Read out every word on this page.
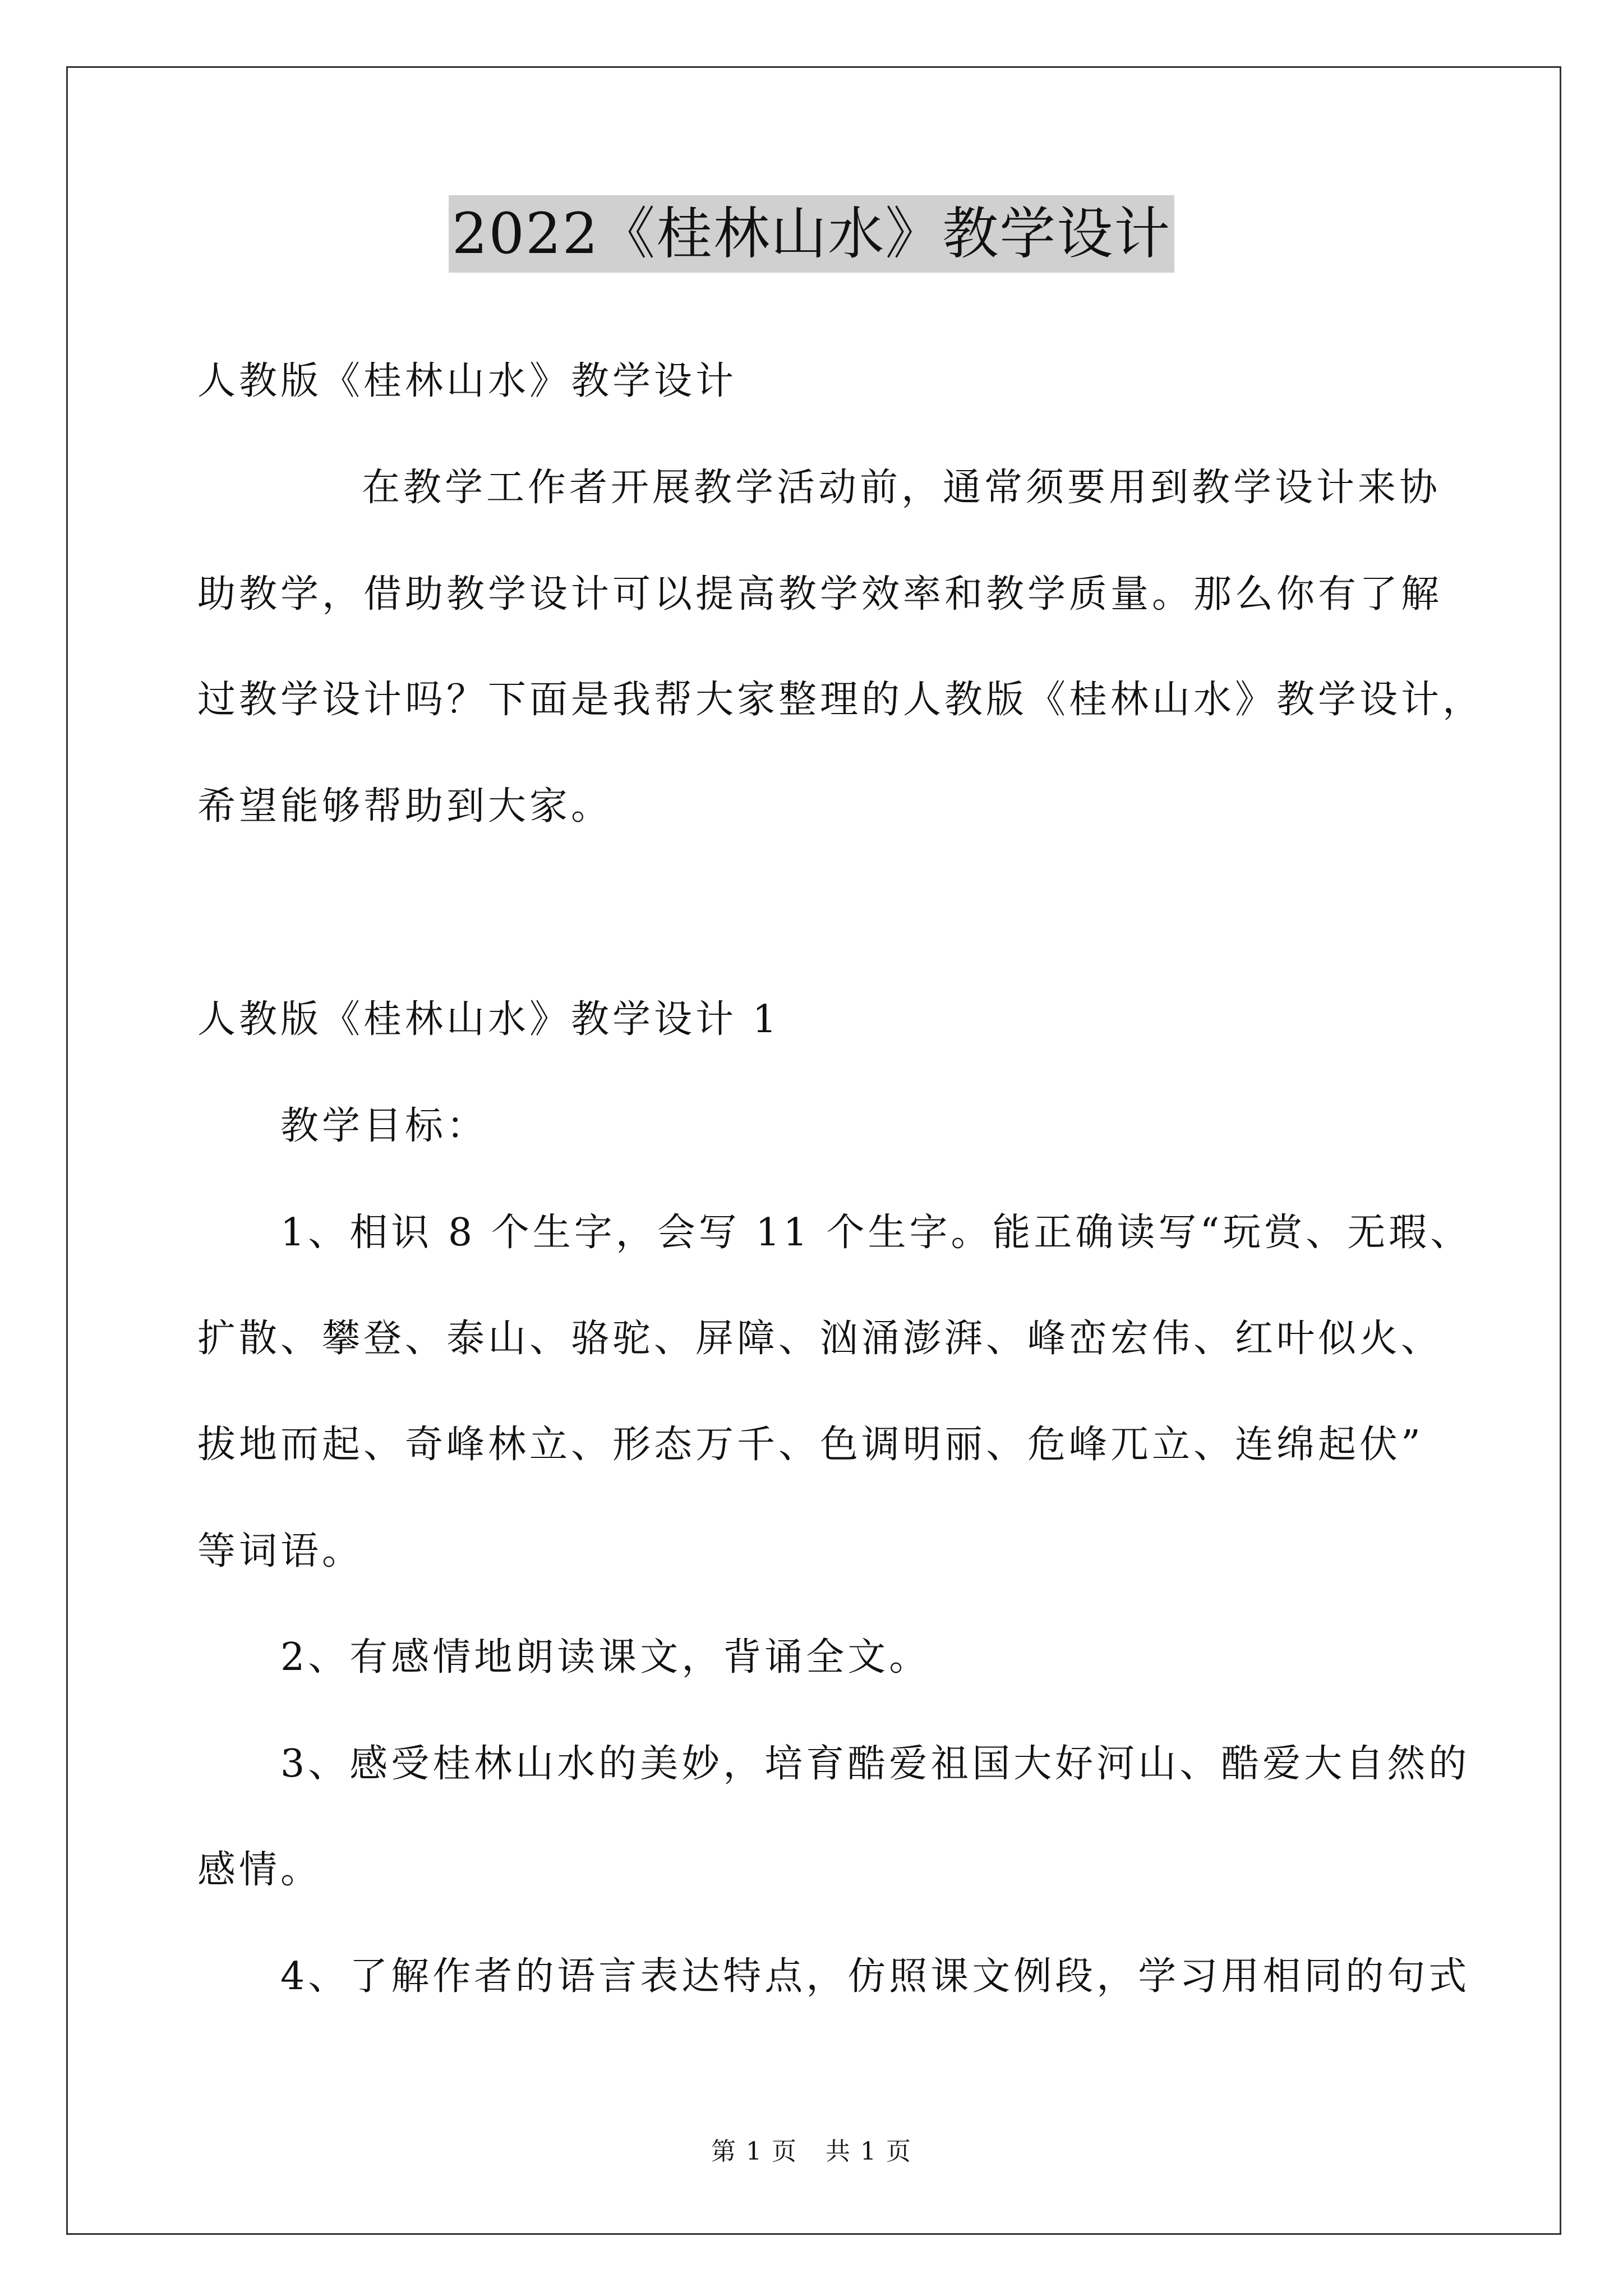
2022《桂林山水》教学设计
人教版《桂林山水》教学设计
在教学工作者开展教学活动前，通常须要用到教学设计来协
助教学，借助教学设计可以提高教学效率和教学质量。那么你有了解
过教学设计吗？下面是我帮大家整理的人教版《桂林山水》教学设计，
希望能够帮助到大家。
人教版《桂林山水》教学设计 1
教学目标：
1、相识 8 个生字，会写 11 个生字。能正确读写“玩赏、无瑕、
扩散、攀登、泰山、骆驼、屏障、汹涌澎湃、峰峦宏伟、红叶似火、
拔地而起、奇峰林立、形态万千、色调明丽、危峰兀立、连绵起伏”
等词语。
2、有感情地朗读课文，背诵全文。
3、感受桂林山水的美妙，培育酷爱祖国大好河山、酷爱大自然的
感情。
4、了解作者的语言表达特点，仿照课文例段，学习用相同的句式
第 1 页 共 1 页
